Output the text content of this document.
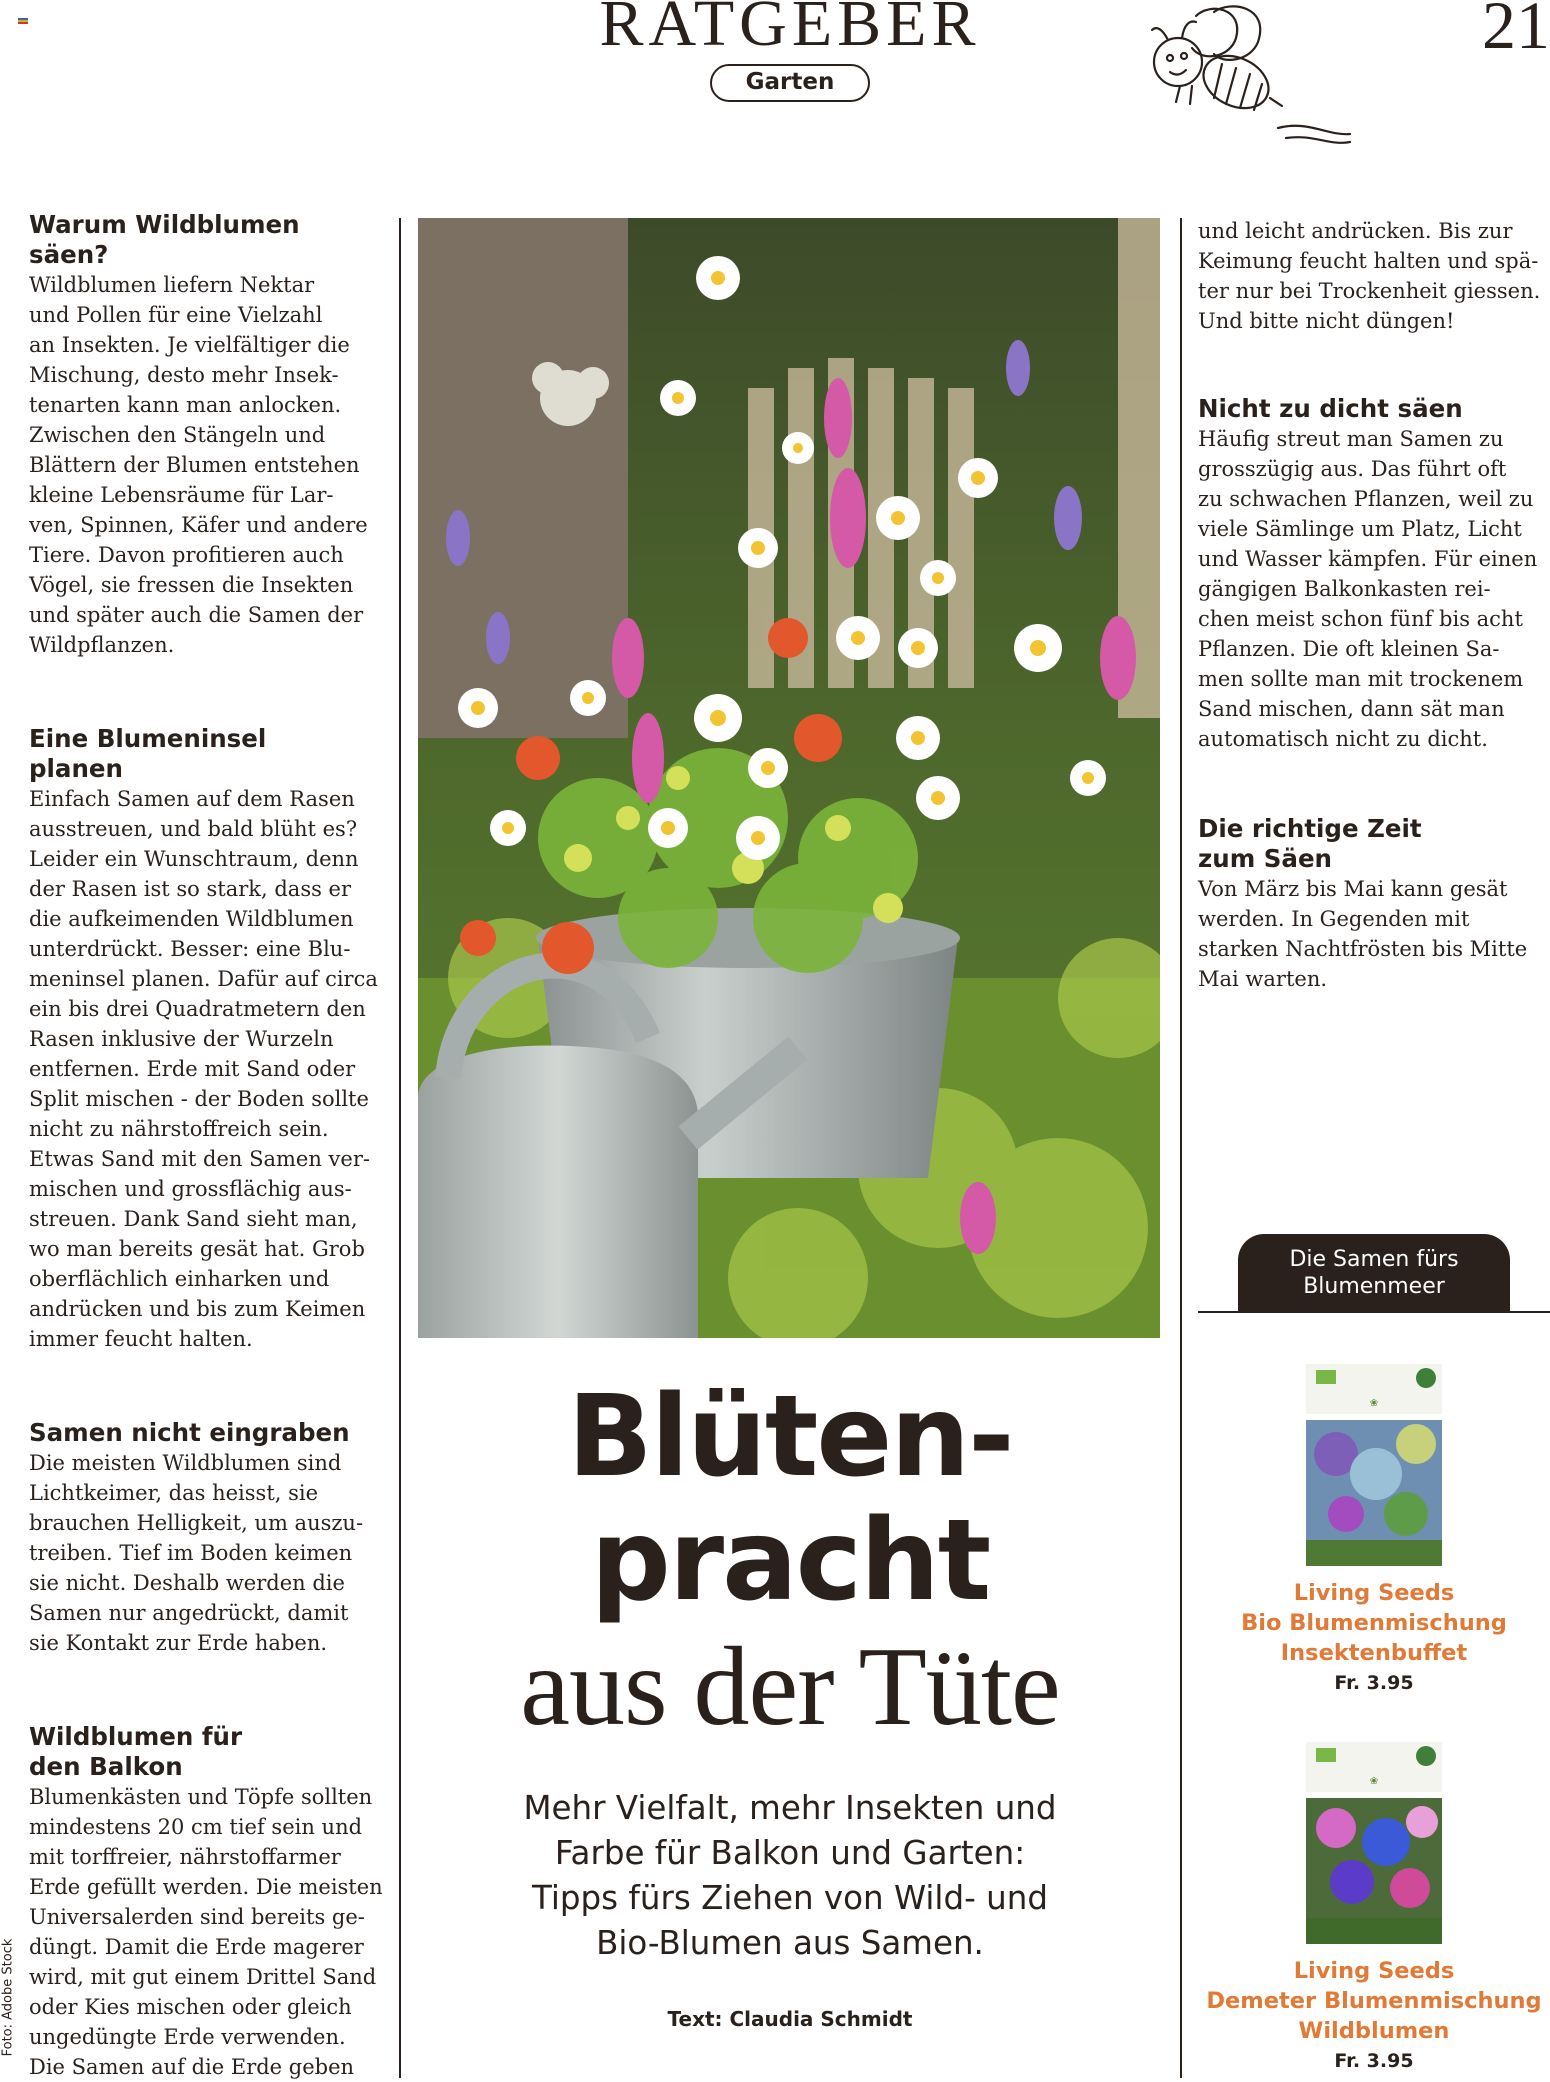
RATGEBER
Garten
21
Warum Wildblumen
säen?
Wildblumen liefern Nektar
und Pollen für eine Vielzahl
an Insekten. Je vielfältiger die
Mischung, desto mehr Insek-
tenarten kann man anlocken.
Zwischen den Stängeln und
Blättern der Blumen entstehen
kleine Lebensräume für Lar-
ven, Spinnen, Käfer und andere
Tiere. Davon profitieren auch
Vögel, sie fressen die Insekten
und später auch die Samen der
Wildpflanzen.
Eine Blumeninsel
planen
Einfach Samen auf dem Rasen
ausstreuen, und bald blüht es?
Leider ein Wunschtraum, denn
der Rasen ist so stark, dass er
die aufkeimenden Wildblumen
unterdrückt. Besser: eine Blu-
meninsel planen. Dafür auf circa
ein bis drei Quadratmetern den
Rasen inklusive der Wurzeln
entfernen. Erde mit Sand oder
Split mischen - der Boden sollte
nicht zu nährstoffreich sein.
Etwas Sand mit den Samen ver-
mischen und grossflächig aus-
streuen. Dank Sand sieht man,
wo man bereits gesät hat. Grob
oberflächlich einharken und
andrücken und bis zum Keimen
immer feucht halten.
Samen nicht eingraben
Die meisten Wildblumen sind
Lichtkeimer, das heisst, sie
brauchen Helligkeit, um auszu-
treiben. Tief im Boden keimen
sie nicht. Deshalb werden die
Samen nur angedrückt, damit
sie Kontakt zur Erde haben.
Wildblumen für
den Balkon
Blumenkästen und Töpfe sollten
mindestens 20 cm tief sein und
mit torffreier, nährstoffarmer
Erde gefüllt werden. Die meisten
Universalerden sind bereits ge-
düngt. Damit die Erde magerer
wird, mit gut einem Drittel Sand
oder Kies mischen oder gleich
ungedüngte Erde verwenden.
Die Samen auf die Erde geben
und leicht andrücken. Bis zur
Keimung feucht halten und spä-
ter nur bei Trockenheit giessen.
Und bitte nicht düngen!
Nicht zu dicht säen
Häufig streut man Samen zu
grosszügig aus. Das führt oft
zu schwachen Pflanzen, weil zu
viele Sämlinge um Platz, Licht
und Wasser kämpfen. Für einen
gängigen Balkonkasten rei-
chen meist schon fünf bis acht
Pflanzen. Die oft kleinen Sa-
men sollte man mit trockenem
Sand mischen, dann sät man
automatisch nicht zu dicht.
Die richtige Zeit
zum Säen
Von März bis Mai kann gesät
werden. In Gegenden mit
starken Nachtfrösten bis Mitte
Mai warten.
Blüten-
pracht
aus der Tüte
Mehr Vielfalt, mehr Insekten und
Farbe für Balkon und Garten:
Tipps fürs Ziehen von Wild- und
Bio-Blumen aus Samen.
Text: Claudia Schmidt
Foto: Adobe Stock
Die Samen fürs
Blumenmeer
❀
Living Seeds
Bio Blumenmischung
Insektenbuffet
Fr. 3.95
❀
Living Seeds
Demeter Blumenmischung
Wildblumen
Fr. 3.95
